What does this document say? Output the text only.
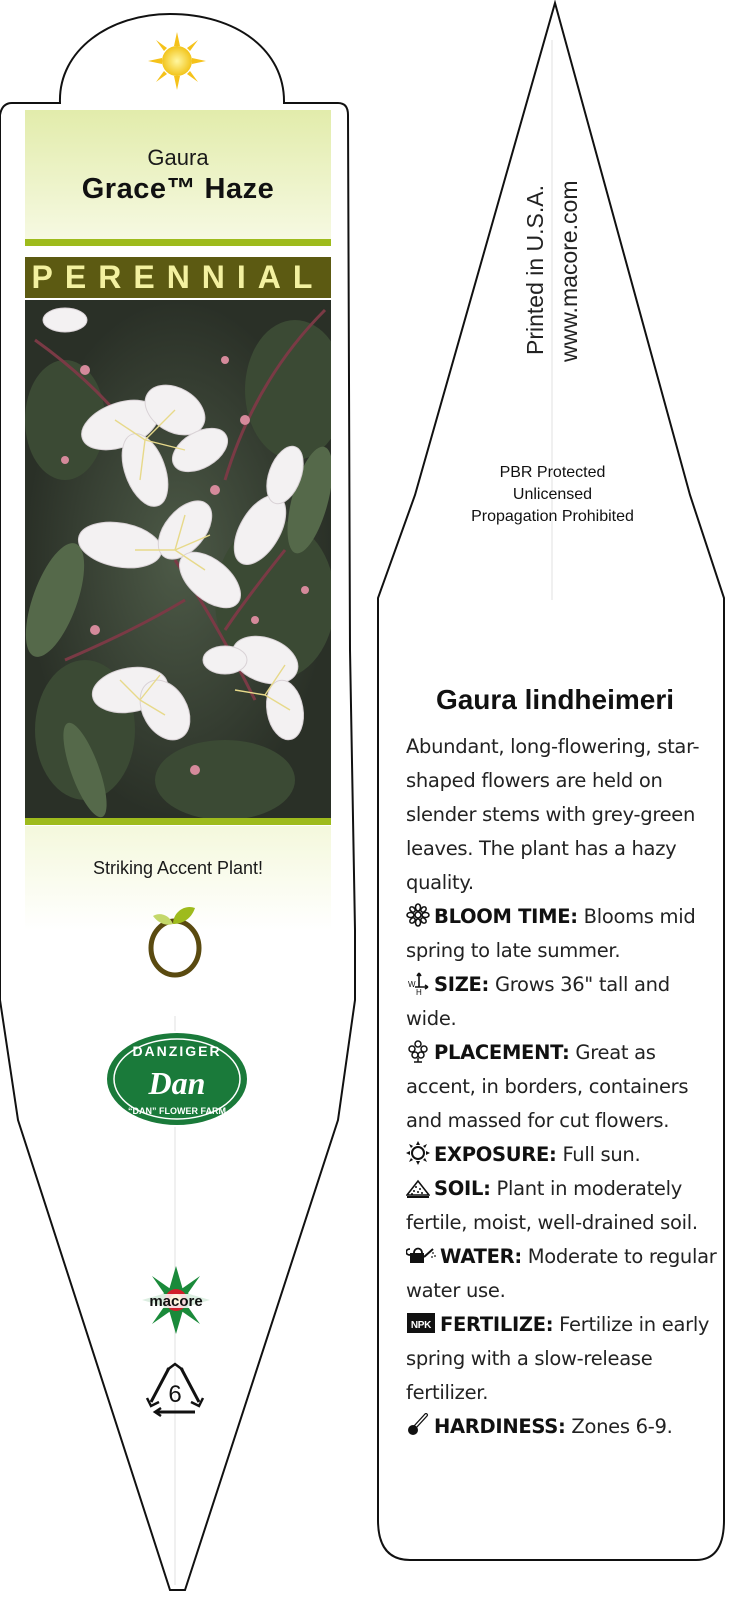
Gaura
Grace™ Haze
PERENNIAL
Striking Accent Plant!
DANZIGER
Dan
“DAN” FLOWER FARM
macore
6
Printed in U.S.A. www.macore.com
PBR Protected
Unlicensed
Propagation Prohibited
Gaura lindheimeri

Abundant, long-flowering, star-shaped flowers are held on slender stems with grey-green leaves. The plant has a hazy quality.

BLOOM TIME: Blooms mid spring to late summer.

W
H SIZE: Grows 36" tall and wide.

PLACEMENT: Great as accent, in borders, containers and massed for cut flowers.

EXPOSURE: Full sun.

SOIL: Plant in moderately fertile, moist, well-drained soil.

WATER: Moderate to regular water use.

NPK FERTILIZE: Fertilize in early spring with a slow-release fertilizer.

HARDINESS: Zones 6-9.
